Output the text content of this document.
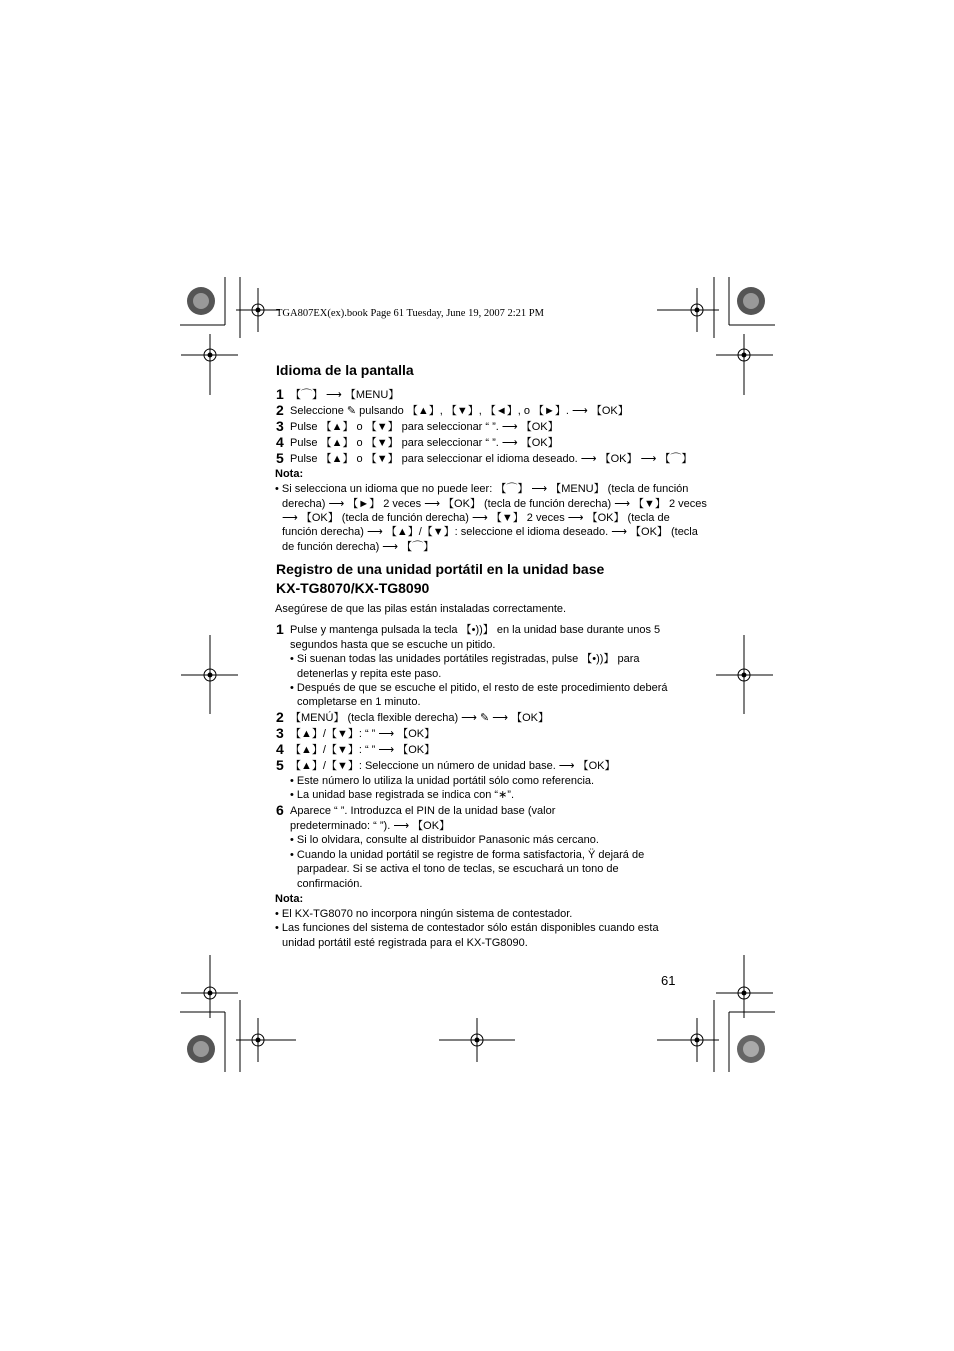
TGA807EX(ex).book Page 61 Tuesday, June 19, 2007 2:21 PM
Idioma de la pantalla
1 【⌒】 ⟶ 【MENU】
2 Seleccione ✎ pulsando 【▲】, 【▼】, 【◄】, o 【►】. ⟶ 【OK】
3 Pulse 【▲】 o 【▼】 para seleccionar “ ”. ⟶ 【OK】
4 Pulse 【▲】 o 【▼】 para seleccionar “ ”. ⟶ 【OK】
5 Pulse 【▲】 o 【▼】 para seleccionar el idioma deseado. ⟶ 【OK】 ⟶ 【⌒】
Nota:
• Si selecciona un idioma que no puede leer: 【⌒】 ⟶ 【MENU】 (tecla de función
derecha) ⟶ 【►】 2 veces ⟶ 【OK】 (tecla de función derecha) ⟶ 【▼】 2 veces
⟶ 【OK】 (tecla de función derecha) ⟶ 【▼】 2 veces ⟶ 【OK】 (tecla de
función derecha) ⟶ 【▲】/【▼】: seleccione el idioma deseado. ⟶ 【OK】 (tecla
de función derecha) ⟶ 【⌒】
Registro de una unidad portátil en la unidad base
KX-TG8070/KX-TG8090
Asegúrese de que las pilas están instaladas correctamente.
1 Pulse y mantenga pulsada la tecla 【•))】 en la unidad base durante unos 5
segundos hasta que se escuche un pitido.
• Si suenan todas las unidades portátiles registradas, pulse 【•))】 para
detenerlas y repita este paso.
• Después de que se escuche el pitido, el resto de este procedimiento deberá
completarse en 1 minuto.
2 【MENÚ】 (tecla flexible derecha) ⟶ ✎ ⟶ 【OK】
3 【▲】/【▼】: “ ” ⟶ 【OK】
4 【▲】/【▼】: “ ” ⟶ 【OK】
5 【▲】/【▼】: Seleccione un número de unidad base. ⟶ 【OK】
• Este número lo utiliza la unidad portátil sólo como referencia.
• La unidad base registrada se indica con “∗”.
6 Aparece “ ”. Introduzca el PIN de la unidad base (valor
predeterminado: “ ”). ⟶ 【OK】
• Si lo olvidara, consulte al distribuidor Panasonic más cercano.
• Cuando la unidad portátil se registre de forma satisfactoria, Ÿ dejará de
parpadear. Si se activa el tono de teclas, se escuchará un tono de
confirmación.
Nota:
• El KX-TG8070 no incorpora ningún sistema de contestador.
• Las funciones del sistema de contestador sólo están disponibles cuando esta
unidad portátil esté registrada para el KX-TG8090.
61
